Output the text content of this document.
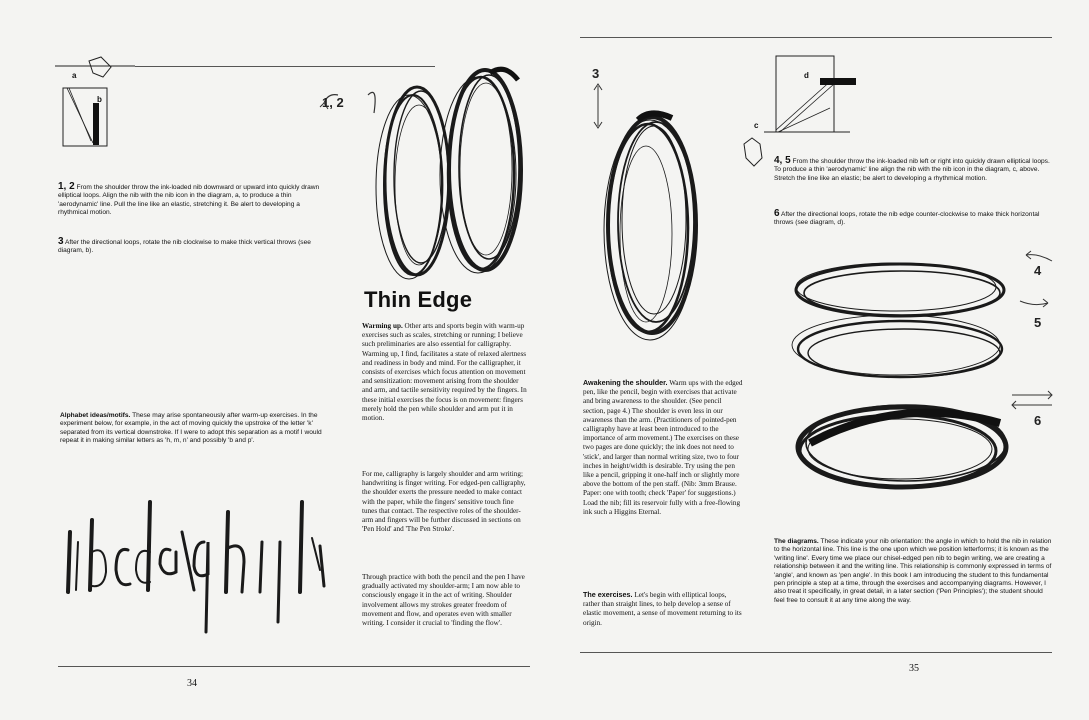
a
b
1, 2 From the shoulder throw the ink-loaded nib downward or upward into quickly drawn elliptical loops. Align the nib with the nib icon in the diagram, a, to produce a thin 'aerodynamic' line. Pull the line like an elastic, stretching it. Be alert to developing a rhythmical motion.
3 After the directional loops, rotate the nib clockwise to make thick vertical throws (see diagram, b).
1, 2
Thin Edge
Warming up. Other arts and sports begin with warm-up exercises such as scales, stretching or running; I believe such preliminaries are also essential for calligraphy. Warming up, I find, facilitates a state of relaxed alertness and readiness in body and mind. For the calligrapher, it consists of exercises which focus attention on movement and sensitization: movement arising from the shoulder and arm, and tactile sensitivity required by the fingers. In these initial exercises the focus is on movement: fingers merely hold the pen while shoulder and arm put it in motion.
For me, calligraphy is largely shoulder and arm writing; handwriting is finger writing. For edged-pen calligraphy, the shoulder exerts the pressure needed to make contact with the paper, while the fingers' sensitive touch fine tunes that contact. The respective roles of the shoulder-arm and fingers will be further discussed in sections on 'Pen Hold' and 'The Pen Stroke'.
Through practice with both the pencil and the pen I have gradually activated my shoulder-arm; I am now able to consciously engage it in the act of writing. Shoulder involvement allows my strokes greater freedom of movement and flow, and operates even with smaller writing. I consider it crucial to 'finding the flow'.
Alphabet ideas/motifs. These may arise spontaneously after warm-up exercises. In the experiment below, for example, in the act of moving quickly the upstroke of the letter 'k' separated from its vertical downstroke. If I were to adopt this separation as a motif I would repeat it in making similar letters as 'h, m, n' and possibly 'b and p'.
34
3	d
c
4, 5 From the shoulder throw the ink-loaded nib left or right into quickly drawn elliptical loops. To produce a thin 'aerodynamic' line align the nib with the nib icon in the diagram, c, above. Stretch the line like an elastic; be alert to developing a rhythmical motion.
6 After the directional loops, rotate the nib edge counter-clockwise to make thick horizontal throws (see diagram, d).
4
5
6
Awakening the shoulder. Warm ups with the edged pen, like the pencil, begin with exercises that activate and bring awareness to the shoulder. (See pencil section, page 4.) The shoulder is even less in our awareness than the arm. (Practitioners of pointed-pen calligraphy have at least been introduced to the importance of arm movement.) The exercises on these two pages are done quickly; the ink does not need to 'stick', and larger than normal writing size, two to four inches in height/width is desirable. Try using the pen like a pencil, gripping it one-half inch or slightly more above the bottom of the pen staff. (Nib: 3mm Brause. Paper: one with tooth; check 'Paper' for suggestions.) Load the nib; fill its reservoir fully with a free-flowing ink such a Higgins Eternal.
The exercises. Let's begin with elliptical loops, rather than straight lines, to help develop a sense of elastic movement, a sense of movement returning to its origin.
The diagrams. These indicate your nib orientation: the angle in which to hold the nib in relation to the horizontal line. This line is the one upon which we position letterforms; it is known as the 'writing line'. Every time we place our chisel-edged pen nib to begin writing, we are creating a relationship between it and the writing line. This relationship is commonly expressed in terms of 'angle', and known as 'pen angle'. In this book I am introducing the student to this fundamental pen principle a step at a time, through the exercises and accompanying diagrams. However, I also treat it specifically, in great detail, in a later section ('Pen Principles'); the student should feel free to consult it at any time along the way.
35
